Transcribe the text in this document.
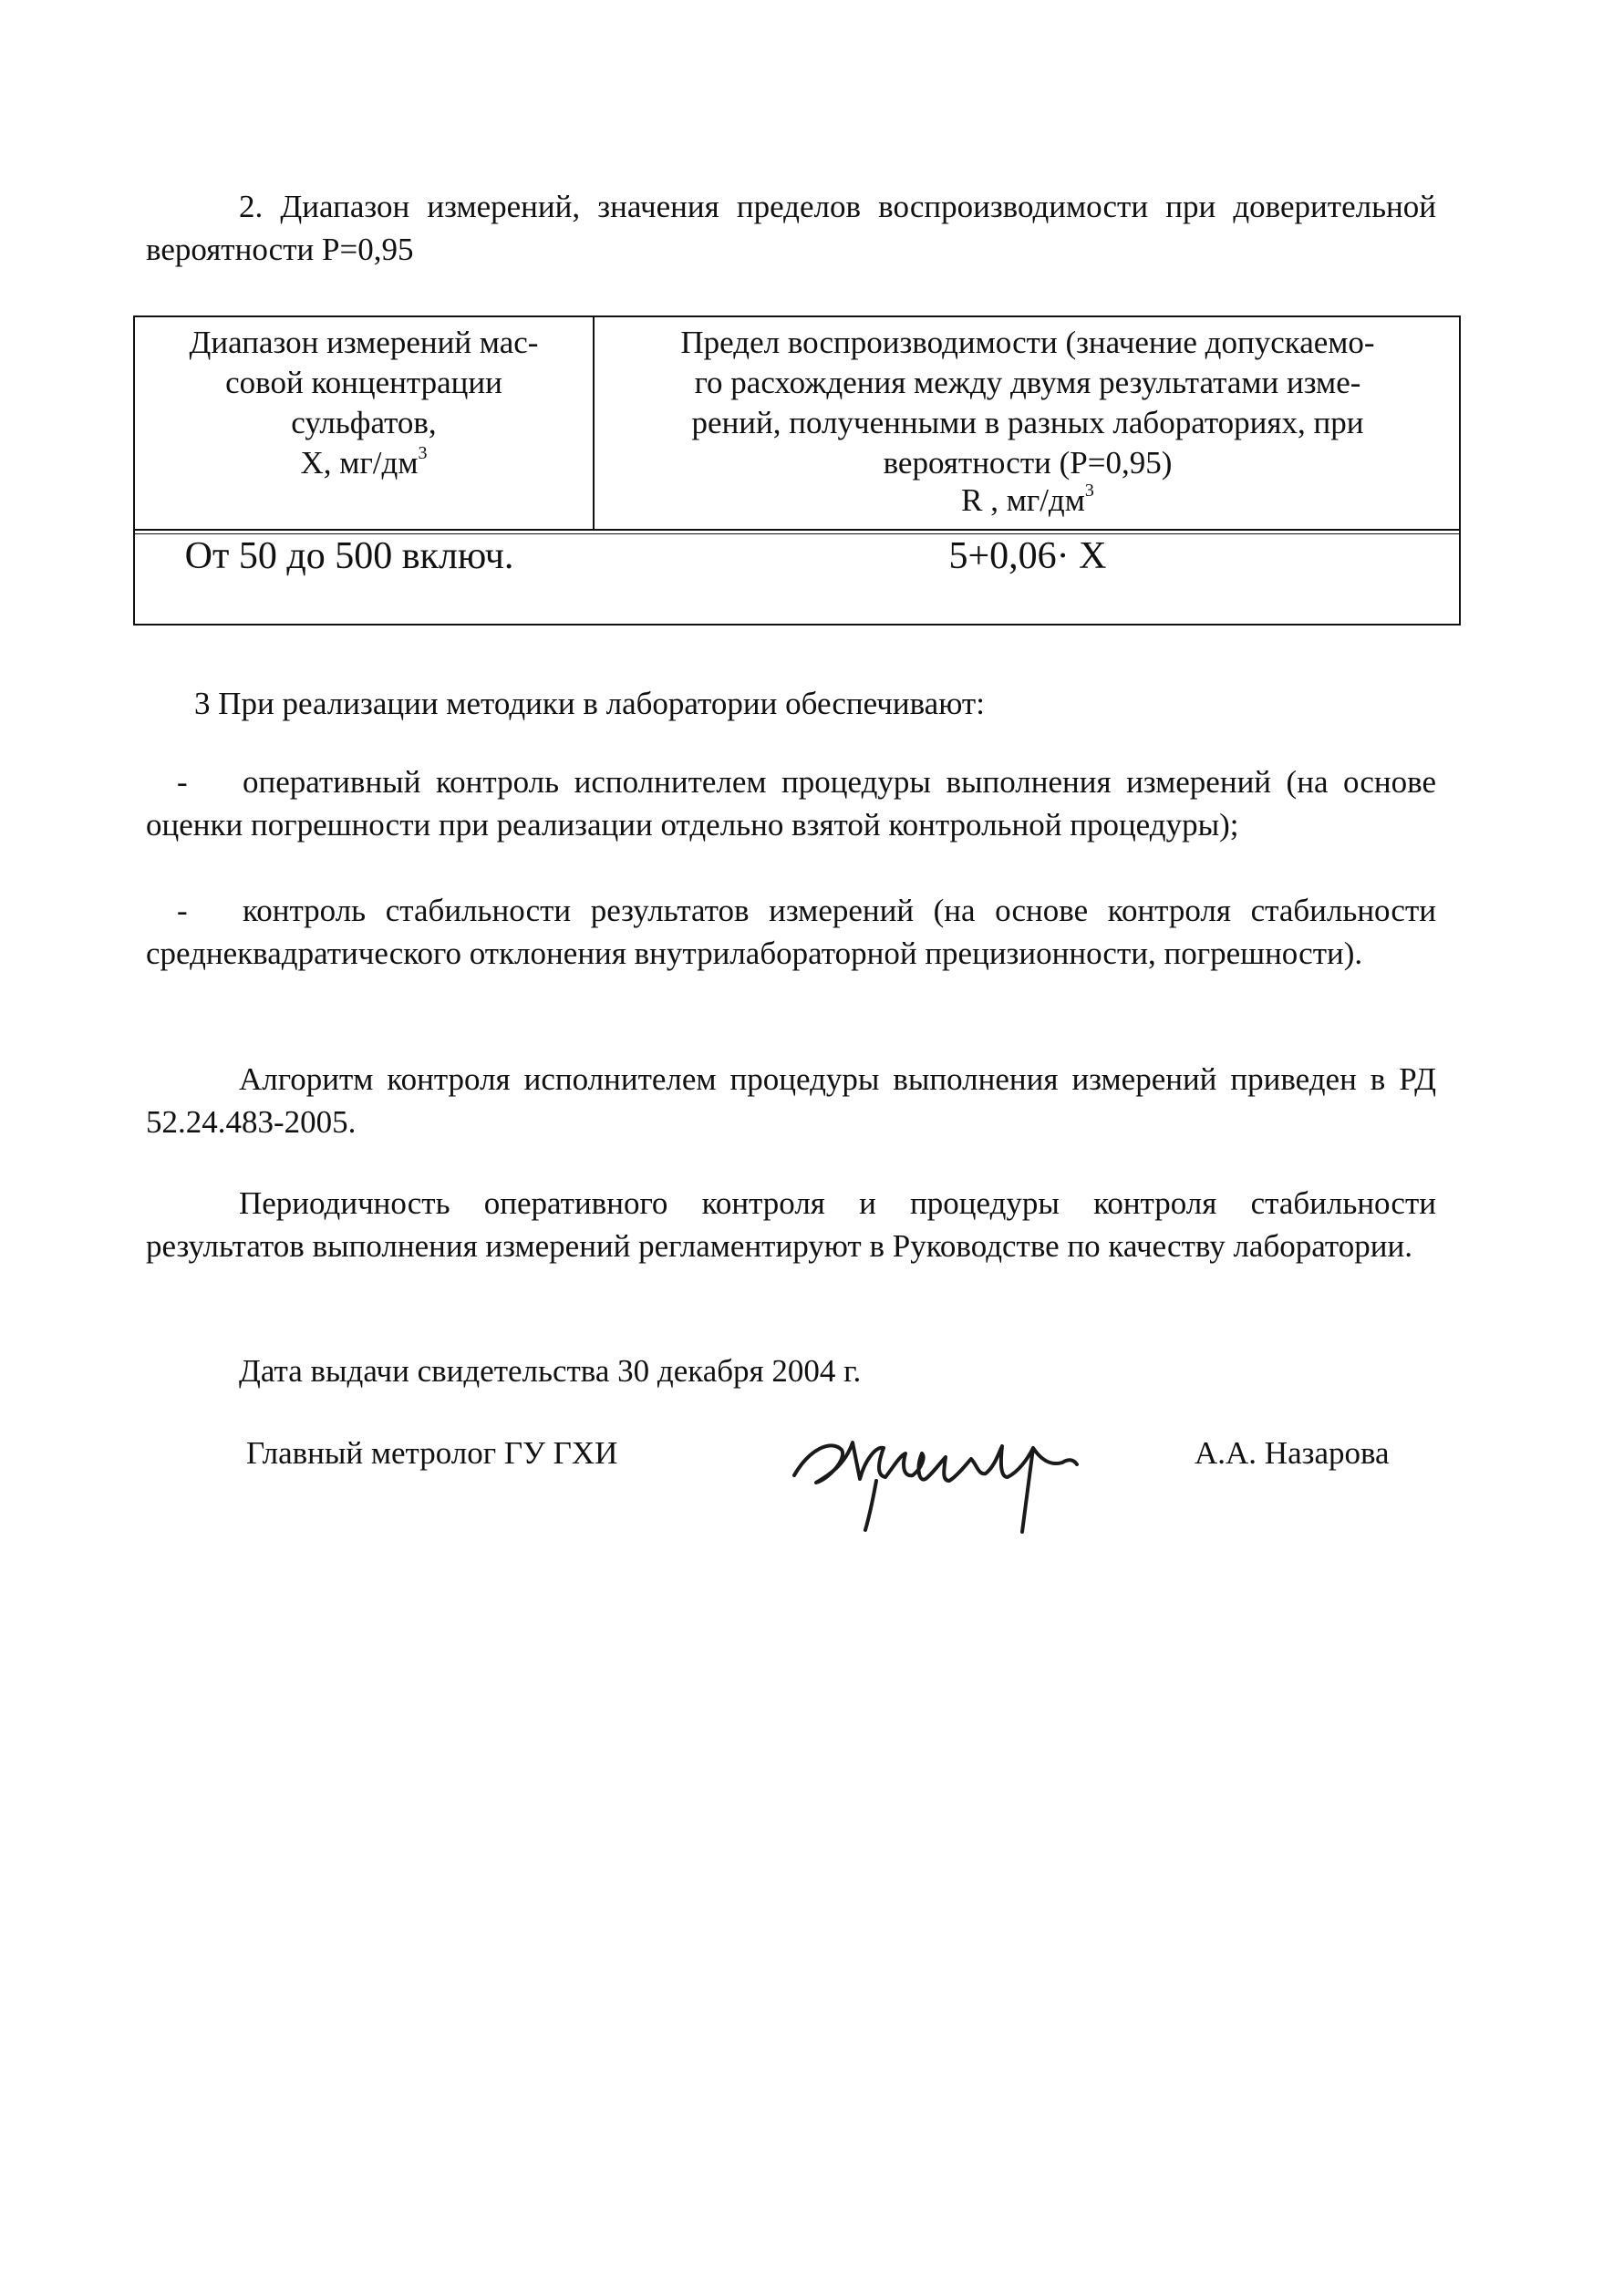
2. Диапазон измерений, значения пределов воспроизводимости при доверительной вероятности P=0,95

Диапазон измерений мас-
совой концентрации
сульфатов,
X, $мг/дм^3$
Предел воспроизводимости (значение допускаемо-
го расхождения между двумя результатами изме-
рений, полученными в разных лабораториях, при
вероятности (P=0,95)
R , $мг/дм^3$
От 50 до 500 включ.	5+0,06· X

3 При реализации методики в лаборатории обеспечивают:

- оперативный контроль исполнителем процедуры выполнения измерений (на основе оценки погрешности при реализации отдельно взятой контрольной процедуры);

- контроль стабильности результатов измерений (на основе контроля стабильности среднеквадратического отклонения внутрилабораторной прецизионности, погрешности).

Алгоритм контроля исполнителем процедуры выполнения измерений приведен в РД 52.24.483-2005.

Периодичность оперативного контроля и процедуры контроля стабильности результатов выполнения измерений регламентируют в Руководстве по качеству лаборатории.

Дата выдачи свидетельства 30 декабря 2004 г.

Главный метролог ГУ ГХИ	А.А. Назарова
